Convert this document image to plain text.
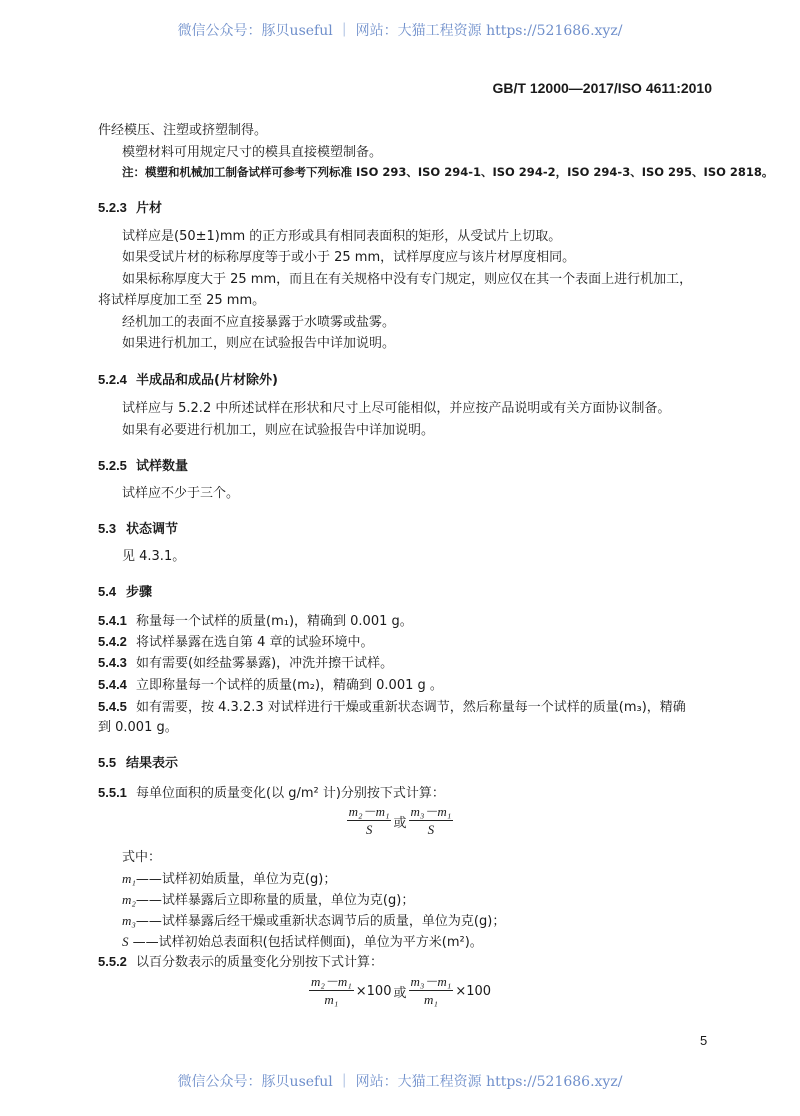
微信公众号：豚贝useful ｜ 网站：大猫工程资源 https://521686.xyz/
GB/T 12000—2017/ISO 4611:2010
件经模压、注塑或挤塑制得。
模塑材料可用规定尺寸的模具直接模塑制备。
注：模塑和机械加工制备试样可参考下列标准 ISO 293、ISO 294-1、ISO 294-2，ISO 294-3、ISO 295、ISO 2818。
5.2.3 片材
试样应是(50±1)mm 的正方形或具有相同表面积的矩形，从受试片上切取。
如果受试片材的标称厚度等于或小于 25 mm，试样厚度应与该片材厚度相同。
如果标称厚度大于 25 mm，而且在有关规格中没有专门规定，则应仅在其一个表面上进行机加工，
将试样厚度加工至 25 mm。
经机加工的表面不应直接暴露于水喷雾或盐雾。
如果进行机加工，则应在试验报告中详加说明。
5.2.4 半成品和成品(片材除外)
试样应与 5.2.2 中所述试样在形状和尺寸上尽可能相似，并应按产品说明或有关方面协议制备。
如果有必要进行机加工，则应在试验报告中详加说明。
5.2.5 试样数量
试样应不少于三个。
5.3 状态调节
见 4.3.1。
5.4 步骤
5.4.1 称量每一个试样的质量(m₁)，精确到 0.001 g。
5.4.2 将试样暴露在选自第 4 章的试验环境中。
5.4.3 如有需要(如经盐雾暴露)，冲洗并擦干试样。
5.4.4 立即称量每一个试样的质量(m₂)，精确到 0.001 g 。
5.4.5 如有需要，按 4.3.2.3 对试样进行干燥或重新状态调节，然后称量每一个试样的质量(m₃)，精确
到 0.001 g。
5.5 结果表示
5.5.1 每单位面积的质量变化(以 g/m² 计)分别按下式计算：
$\frac{\text{m₂－m₁}}{S}$ 或 $\frac{\text{m₃－m₁}}{S}$
式中：
m₁——试样初始质量，单位为克(g)；
m₂——试样暴露后立即称量的质量，单位为克(g)；
m₃——试样暴露后经干燥或重新状态调节后的质量，单位为克(g)；
S ——试样初始总表面积(包括试样侧面)，单位为平方米(m²)。
5.5.2 以百分数表示的质量变化分别按下式计算：
$\frac{\text{m₂－m₁}}{\text{m₁}} \times 100$ 或 $\frac{\text{m₃－m₁}}{\text{m₁}} \times 100$
5
微信公众号：豚贝useful ｜ 网站：大猫工程资源 https://521686.xyz/
